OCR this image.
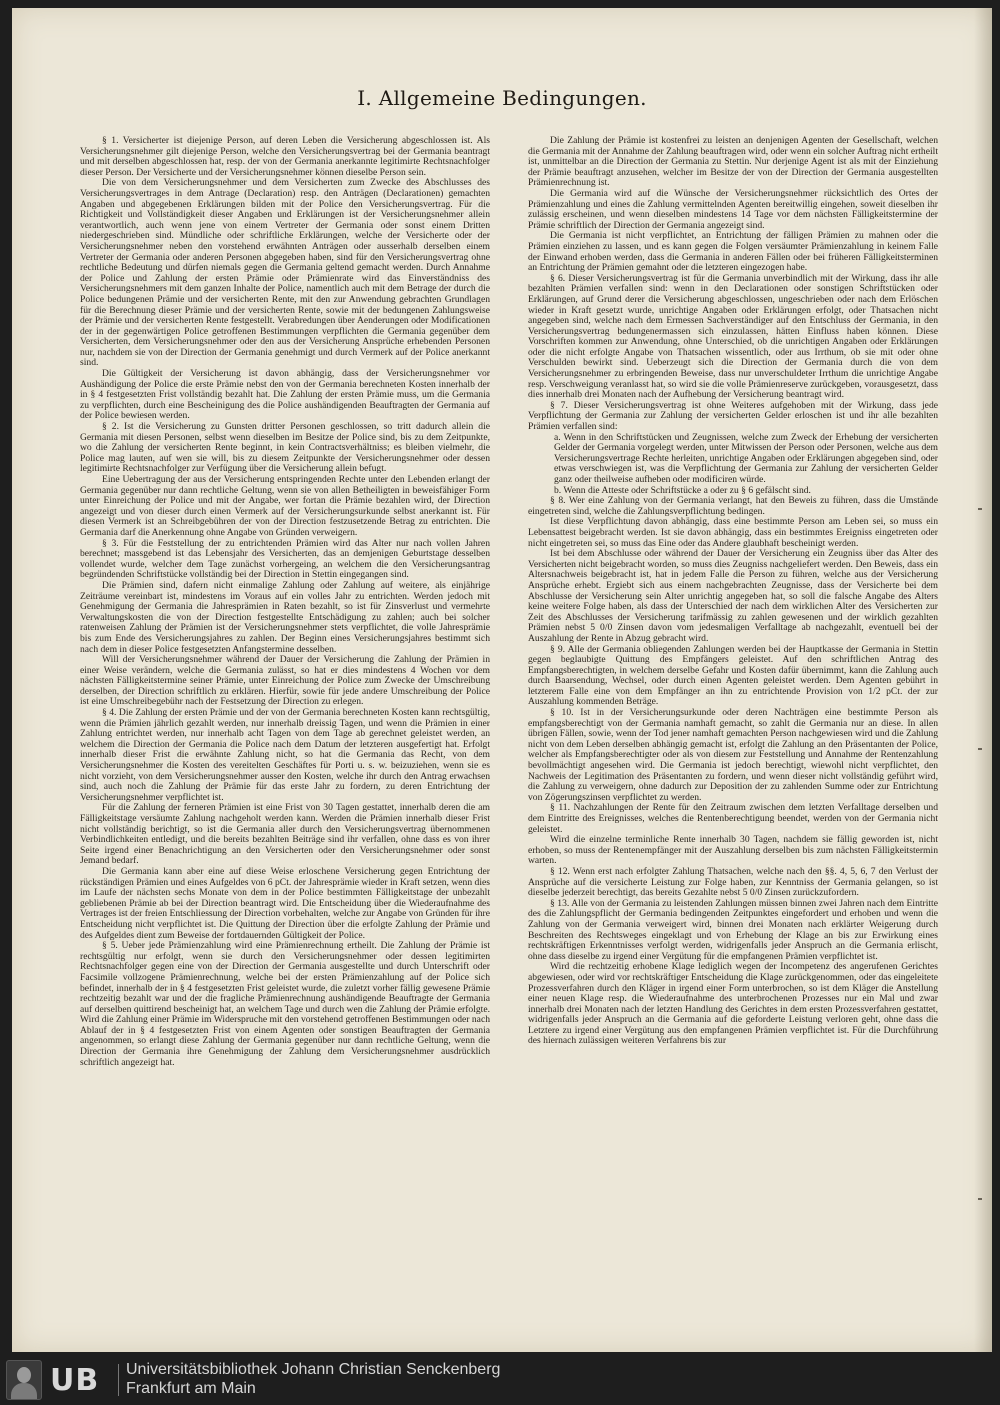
I. Allgemeine Bedingungen.

§ 1. Versicherter ist diejenige Person, auf deren Leben die Versicherung abgeschlossen ist. Als Versicherungsnehmer gilt diejenige Person, welche den Versicherungsvertrag bei der Germania beantragt und mit derselben abgeschlossen hat, resp. der von der Germania anerkannte legitimirte Rechtsnachfolger dieser Person. Der Versicherte und der Versicherungsnehmer können dieselbe Person sein.

Die von dem Versicherungsnehmer und dem Versicherten zum Zwecke des Abschlusses des Versicherungsvertrages in dem Antrage (Declaration) resp. den Anträgen (Declarationen) gemachten Angaben und abgegebenen Erklärungen bilden mit der Police den Versicherungsvertrag. Für die Richtigkeit und Vollständigkeit dieser Angaben und Erklärungen ist der Versicherungsnehmer allein verantwortlich, auch wenn jene von einem Vertreter der Germania oder sonst einem Dritten niedergeschrieben sind. Mündliche oder schriftliche Erklärungen, welche der Versicherte oder der Versicherungsnehmer neben den vorstehend erwähnten Anträgen oder ausserhalb derselben einem Vertreter der Germania oder anderen Personen abgegeben haben, sind für den Versicherungsvertrag ohne rechtliche Bedeutung und dürfen niemals gegen die Germania geltend gemacht werden. Durch Annahme der Police und Zahlung der ersten Prämie oder Prämienrate wird das Einverständniss des Versicherungsnehmers mit dem ganzen Inhalte der Police, namentlich auch mit dem Betrage der durch die Police bedungenen Prämie und der versicherten Rente, mit den zur Anwendung gebrachten Grundlagen für die Berechnung dieser Prämie und der versicherten Rente, sowie mit der bedungenen Zahlungsweise der Prämie und der versicherten Rente festgestellt. Verabredungen über Aenderungen oder Modificationen der in der gegenwärtigen Police getroffenen Bestimmungen verpflichten die Germania gegenüber dem Versicherten, dem Versicherungsnehmer oder den aus der Versicherung Ansprüche erhebenden Personen nur, nachdem sie von der Direction der Germania genehmigt und durch Vermerk auf der Police anerkannt sind.

Die Gültigkeit der Versicherung ist davon abhängig, dass der Versicherungsnehmer vor Aushändigung der Police die erste Prämie nebst den von der Germania berechneten Kosten innerhalb der in § 4 festgesetzten Frist vollständig bezahlt hat. Die Zahlung der ersten Prämie muss, um die Germania zu verpflichten, durch eine Bescheinigung des die Police aushändigenden Beauftragten der Germania auf der Police bewiesen werden.

§ 2. Ist die Versicherung zu Gunsten dritter Personen geschlossen, so tritt dadurch allein die Germania mit diesen Personen, selbst wenn dieselben im Besitze der Police sind, bis zu dem Zeitpunkte, wo die Zahlung der versicherten Rente beginnt, in kein Contractsverhältniss; es bleiben vielmehr, die Police mag lauten, auf wen sie will, bis zu diesem Zeitpunkte der Versicherungsnehmer oder dessen legitimirte Rechtsnachfolger zur Verfügung über die Versicherung allein befugt.

Eine Uebertragung der aus der Versicherung entspringenden Rechte unter den Lebenden erlangt der Germania gegenüber nur dann rechtliche Geltung, wenn sie von allen Betheiligten in beweisfähiger Form unter Einreichung der Police und mit der Angabe, wer fortan die Prämie bezahlen wird, der Direction angezeigt und von dieser durch einen Vermerk auf der Versicherungsurkunde selbst anerkannt ist. Für diesen Vermerk ist an Schreibgebühren der von der Direction festzusetzende Betrag zu entrichten. Die Germania darf die Anerkennung ohne Angabe von Gründen verweigern.

§ 3. Für die Feststellung der zu entrichtenden Prämien wird das Alter nur nach vollen Jahren berechnet; massgebend ist das Lebensjahr des Versicherten, das an demjenigen Geburtstage desselben vollendet wurde, welcher dem Tage zunächst vorhergeing, an welchem die den Versicherungsantrag begründenden Schriftstücke vollständig bei der Direction in Stettin eingegangen sind.

Die Prämien sind, dafern nicht einmalige Zahlung oder Zahlung auf weitere, als einjährige Zeiträume vereinbart ist, mindestens im Voraus auf ein volles Jahr zu entrichten. Werden jedoch mit Genehmigung der Germania die Jahresprämien in Raten bezahlt, so ist für Zinsverlust und vermehrte Verwaltungskosten die von der Direction festgestellte Entschädigung zu zahlen; auch bei solcher ratenweisen Zahlung der Prämien ist der Versicherungsnehmer stets verpflichtet, die volle Jahresprämie bis zum Ende des Versicherungsjahres zu zahlen. Der Beginn eines Versicherungsjahres bestimmt sich nach dem in dieser Police festgesetzten Anfangstermine desselben.

Will der Versicherungsnehmer während der Dauer der Versicherung die Zahlung der Prämien in einer Weise verändern, welche die Germania zulässt, so hat er dies mindestens 4 Wochen vor dem nächsten Fälligkeitstermine seiner Prämie, unter Einreichung der Police zum Zwecke der Umschreibung derselben, der Direction schriftlich zu erklären. Hierfür, sowie für jede andere Umschreibung der Police ist eine Umschreibegebühr nach der Festsetzung der Direction zu erlegen.

§ 4. Die Zahlung der ersten Prämie und der von der Germania berechneten Kosten kann rechtsgültig, wenn die Prämien jährlich gezahlt werden, nur innerhalb dreissig Tagen, und wenn die Prämien in einer Zahlung entrichtet werden, nur innerhalb acht Tagen von dem Tage ab gerechnet geleistet werden, an welchem die Direction der Germania die Police nach dem Datum der letzteren ausgefertigt hat. Erfolgt innerhalb dieser Frist die erwähnte Zahlung nicht, so hat die Germania das Recht, von dem Versicherungsnehmer die Kosten des vereitelten Geschäftes für Porti u. s. w. beizuziehen, wenn sie es nicht vorzieht, von dem Versicherungsnehmer ausser den Kosten, welche ihr durch den Antrag erwachsen sind, auch noch die Zahlung der Prämie für das erste Jahr zu fordern, zu deren Entrichtung der Versicherungsnehmer verpflichtet ist.

Für die Zahlung der ferneren Prämien ist eine Frist von 30 Tagen gestattet, innerhalb deren die am Fälligkeitstage versäumte Zahlung nachgeholt werden kann. Werden die Prämien innerhalb dieser Frist nicht vollständig berichtigt, so ist die Germania aller durch den Versicherungsvertrag übernommenen Verbindlichkeiten entledigt, und die bereits bezahlten Beiträge sind ihr verfallen, ohne dass es von ihrer Seite irgend einer Benachrichtigung an den Versicherten oder den Versicherungsnehmer oder sonst Jemand bedarf.

Die Germania kann aber eine auf diese Weise erloschene Versicherung gegen Entrichtung der rückständigen Prämien und eines Aufgeldes von 6 pCt. der Jahresprämie wieder in Kraft setzen, wenn dies im Laufe der nächsten sechs Monate von dem in der Police bestimmten Fälligkeitstage der unbezahlt gebliebenen Prämie ab bei der Direction beantragt wird. Die Entscheidung über die Wiederaufnahme des Vertrages ist der freien Entschliessung der Direction vorbehalten, welche zur Angabe von Gründen für ihre Entscheidung nicht verpflichtet ist. Die Quittung der Direction über die erfolgte Zahlung der Prämie und des Aufgeldes dient zum Beweise der fortdauernden Gültigkeit der Police.

§ 5. Ueber jede Prämienzahlung wird eine Prämienrechnung ertheilt. Die Zahlung der Prämie ist rechtsgültig nur erfolgt, wenn sie durch den Versicherungsnehmer oder dessen legitimirten Rechtsnachfolger gegen eine von der Direction der Germania ausgestellte und durch Unterschrift oder Facsimile vollzogene Prämienrechnung, welche bei der ersten Prämienzahlung auf der Police sich befindet, innerhalb der in § 4 festgesetzten Frist geleistet wurde, die zuletzt vorher fällig gewesene Prämie rechtzeitig bezahlt war und der die fragliche Prämienrechnung aushändigende Beauftragte der Germania auf derselben quittirend bescheinigt hat, an welchem Tage und durch wen die Zahlung der Prämie erfolgte. Wird die Zahlung einer Prämie im Widerspruche mit den vorstehend getroffenen Bestimmungen oder nach Ablauf der in § 4 festgesetzten Frist von einem Agenten oder sonstigen Beauftragten der Germania angenommen, so erlangt diese Zahlung der Germania gegenüber nur dann rechtliche Geltung, wenn die Direction der Germania ihre Genehmigung der Zahlung dem Versicherungsnehmer ausdrücklich schriftlich angezeigt hat.

Die Zahlung der Prämie ist kostenfrei zu leisten an denjenigen Agenten der Gesellschaft, welchen die Germania mit der Annahme der Zahlung beauftragen wird, oder wenn ein solcher Auftrag nicht ertheilt ist, unmittelbar an die Direction der Germania zu Stettin. Nur derjenige Agent ist als mit der Einziehung der Prämie beauftragt anzusehen, welcher im Besitze der von der Direction der Germania ausgestellten Prämienrechnung ist.

Die Germania wird auf die Wünsche der Versicherungsnehmer rücksichtlich des Ortes der Prämienzahlung und eines die Zahlung vermittelnden Agenten bereitwillig eingehen, soweit dieselben ihr zulässig erscheinen, und wenn dieselben mindestens 14 Tage vor dem nächsten Fälligkeitstermine der Prämie schriftlich der Direction der Germania angezeigt sind.

Die Germania ist nicht verpflichtet, an Entrichtung der fälligen Prämien zu mahnen oder die Prämien einziehen zu lassen, und es kann gegen die Folgen versäumter Prämienzahlung in keinem Falle der Einwand erhoben werden, dass die Germania in anderen Fällen oder bei früheren Fälligkeitsterminen an Entrichtung der Prämien gemahnt oder die letzteren eingezogen habe.

§ 6. Dieser Versicherungsvertrag ist für die Germania unverbindlich mit der Wirkung, dass ihr alle bezahlten Prämien verfallen sind: wenn in den Declarationen oder sonstigen Schriftstücken oder Erklärungen, auf Grund derer die Versicherung abgeschlossen, ungeschrieben oder nach dem Erlöschen wieder in Kraft gesetzt wurde, unrichtige Angaben oder Erklärungen erfolgt, oder Thatsachen nicht angegeben sind, welche nach dem Ermessen Sachverständiger auf den Entschluss der Germania, in den Versicherungsvertrag bedungenermassen sich einzulassen, hätten Einfluss haben können. Diese Vorschriften kommen zur Anwendung, ohne Unterschied, ob die unrichtigen Angaben oder Erklärungen oder die nicht erfolgte Angabe von Thatsachen wissentlich, oder aus Irrthum, ob sie mit oder ohne Verschulden bewirkt sind. Ueberzeugt sich die Direction der Germania durch die von dem Versicherungsnehmer zu erbringenden Beweise, dass nur unverschuldeter Irrthum die unrichtige Angabe resp. Verschweigung veranlasst hat, so wird sie die volle Prämienreserve zurückgeben, vorausgesetzt, dass dies innerhalb drei Monaten nach der Aufhebung der Versicherung beantragt wird.

§ 7. Dieser Versicherungsvertrag ist ohne Weiteres aufgehoben mit der Wirkung, dass jede Verpflichtung der Germania zur Zahlung der versicherten Gelder erloschen ist und ihr alle bezahlten Prämien verfallen sind:

a. Wenn in den Schriftstücken und Zeugnissen, welche zum Zweck der Erhebung der versicherten Gelder der Germania vorgelegt werden, unter Mitwissen der Person oder Personen, welche aus dem Versicherungsvertrage Rechte herleiten, unrichtige Angaben oder Erklärungen abgegeben sind, oder etwas verschwiegen ist, was die Verpflichtung der Germania zur Zahlung der versicherten Gelder ganz oder theilweise aufheben oder modificiren würde.

b. Wenn die Atteste oder Schriftstücke a oder zu § 6 gefälscht sind.

§ 8. Wer eine Zahlung von der Germania verlangt, hat den Beweis zu führen, dass die Umstände eingetreten sind, welche die Zahlungsverpflichtung bedingen.

Ist diese Verpflichtung davon abhängig, dass eine bestimmte Person am Leben sei, so muss ein Lebensattest beigebracht werden. Ist sie davon abhängig, dass ein bestimmtes Ereigniss eingetreten oder nicht eingetreten sei, so muss das Eine oder das Andere glaubhaft bescheinigt werden.

Ist bei dem Abschlusse oder während der Dauer der Versicherung ein Zeugniss über das Alter des Versicherten nicht beigebracht worden, so muss dies Zeugniss nachgeliefert werden. Den Beweis, dass ein Altersnachweis beigebracht ist, hat in jedem Falle die Person zu führen, welche aus der Versicherung Ansprüche erhebt. Ergiebt sich aus einem nachgebrachten Zeugnisse, dass der Versicherte bei dem Abschlusse der Versicherung sein Alter unrichtig angegeben hat, so soll die falsche Angabe des Alters keine weitere Folge haben, als dass der Unterschied der nach dem wirklichen Alter des Versicherten zur Zeit des Abschlusses der Versicherung tarifmässig zu zahlen gewesenen und der wirklich gezahlten Prämien nebst 5 0/0 Zinsen davon vom jedesmaligen Verfalltage ab nachgezahlt, eventuell bei der Auszahlung der Rente in Abzug gebracht wird.

§ 9. Alle der Germania obliegenden Zahlungen werden bei der Hauptkasse der Germania in Stettin gegen beglaubigte Quittung des Empfängers geleistet. Auf den schriftlichen Antrag des Empfangsberechtigten, in welchem derselbe Gefahr und Kosten dafür übernimmt, kann die Zahlung auch durch Baarsendung, Wechsel, oder durch einen Agenten geleistet werden. Dem Agenten gebührt in letzterem Falle eine von dem Empfänger an ihn zu entrichtende Provision von 1/2 pCt. der zur Auszahlung kommenden Beträge.

§ 10. Ist in der Versicherungsurkunde oder deren Nachträgen eine bestimmte Person als empfangsberechtigt von der Germania namhaft gemacht, so zahlt die Germania nur an diese. In allen übrigen Fällen, sowie, wenn der Tod jener namhaft gemachten Person nachgewiesen wird und die Zahlung nicht von dem Leben derselben abhängig gemacht ist, erfolgt die Zahlung an den Präsentanten der Police, welcher als Empfangsberechtigter oder als von diesem zur Feststellung und Annahme der Rentenzahlung bevollmächtigt angesehen wird. Die Germania ist jedoch berechtigt, wiewohl nicht verpflichtet, den Nachweis der Legitimation des Präsentanten zu fordern, und wenn dieser nicht vollständig geführt wird, die Zahlung zu verweigern, ohne dadurch zur Deposition der zu zahlenden Summe oder zur Entrichtung von Zögerungszinsen verpflichtet zu werden.

§ 11. Nachzahlungen der Rente für den Zeitraum zwischen dem letzten Verfalltage derselben und dem Eintritte des Ereignisses, welches die Rentenberechtigung beendet, werden von der Germania nicht geleistet.

Wird die einzelne terminliche Rente innerhalb 30 Tagen, nachdem sie fällig geworden ist, nicht erhoben, so muss der Rentenempfänger mit der Auszahlung derselben bis zum nächsten Fälligkeitstermin warten.

§ 12. Wenn erst nach erfolgter Zahlung Thatsachen, welche nach den §§. 4, 5, 6, 7 den Verlust der Ansprüche auf die versicherte Leistung zur Folge haben, zur Kenntniss der Germania gelangen, so ist dieselbe jederzeit berechtigt, das bereits Gezahlte nebst 5 0/0 Zinsen zurückzufordern.

§ 13. Alle von der Germania zu leistenden Zahlungen müssen binnen zwei Jahren nach dem Eintritte des die Zahlungspflicht der Germania bedingenden Zeitpunktes eingefordert und erhoben und wenn die Zahlung von der Germania verweigert wird, binnen drei Monaten nach erklärter Weigerung durch Beschreiten des Rechtsweges eingeklagt und von Erhebung der Klage an bis zur Erwirkung eines rechtskräftigen Erkenntnisses verfolgt werden, widrigenfalls jeder Anspruch an die Germania erlischt, ohne dass dieselbe zu irgend einer Vergütung für die empfangenen Prämien verpflichtet ist.

Wird die rechtzeitig erhobene Klage lediglich wegen der Incompetenz des angerufenen Gerichtes abgewiesen, oder wird vor rechtskräftiger Entscheidung die Klage zurückgenommen, oder das eingeleitete Prozessverfahren durch den Kläger in irgend einer Form unterbrochen, so ist dem Kläger die Anstellung einer neuen Klage resp. die Wiederaufnahme des unterbrochenen Prozesses nur ein Mal und zwar innerhalb drei Monaten nach der letzten Handlung des Gerichtes in dem ersten Prozessverfahren gestattet, widrigenfalls jeder Anspruch an die Germania auf die geforderte Leistung verloren geht, ohne dass die Letztere zu irgend einer Vergütung aus den empfangenen Prämien verpflichtet ist. Für die Durchführung des hiernach zulässigen weiteren Verfahrens bis zur

UB Universitätsbibliothek Johann Christian Senckenberg
Frankfurt am Main
